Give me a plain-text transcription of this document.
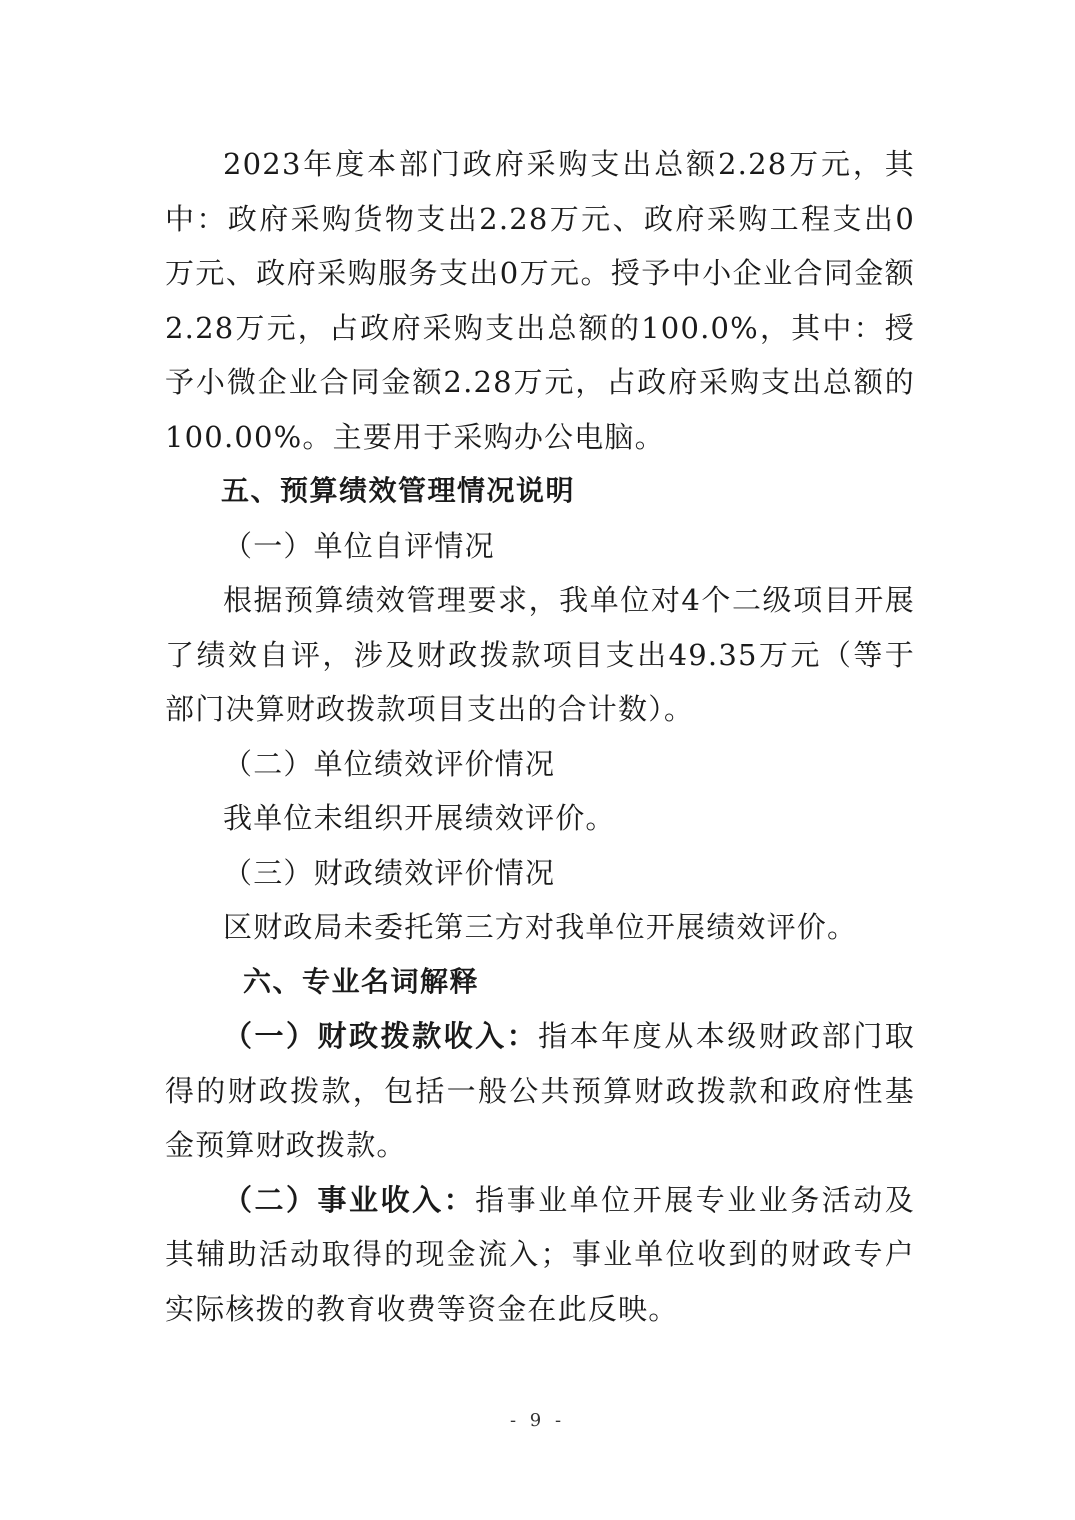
2023年度本部门政府采购支出总额2.28万元，其中：政府采购货物支出2.28万元、政府采购工程支出0万元、政府采购服务支出0万元。授予中小企业合同金额2.28万元，占政府采购支出总额的100.0%，其中：授予小微企业合同金额2.28万元，占政府采购支出总额的100.00%。主要用于采购办公电脑。

五、预算绩效管理情况说明

（一）单位自评情况

根据预算绩效管理要求，我单位对4个二级项目开展了绩效自评，涉及财政拨款项目支出49.35万元（等于部门决算财政拨款项目支出的合计数）。

（二）单位绩效评价情况

我单位未组织开展绩效评价。

（三）财政绩效评价情况

区财政局未委托第三方对我单位开展绩效评价。

六、专业名词解释

（一）财政拨款收入：指本年度从本级财政部门取得的财政拨款，包括一般公共预算财政拨款和政府性基金预算财政拨款。

（二）事业收入：指事业单位开展专业业务活动及其辅助活动取得的现金流入；事业单位收到的财政专户实际核拨的教育收费等资金在此反映。

- 9 -
